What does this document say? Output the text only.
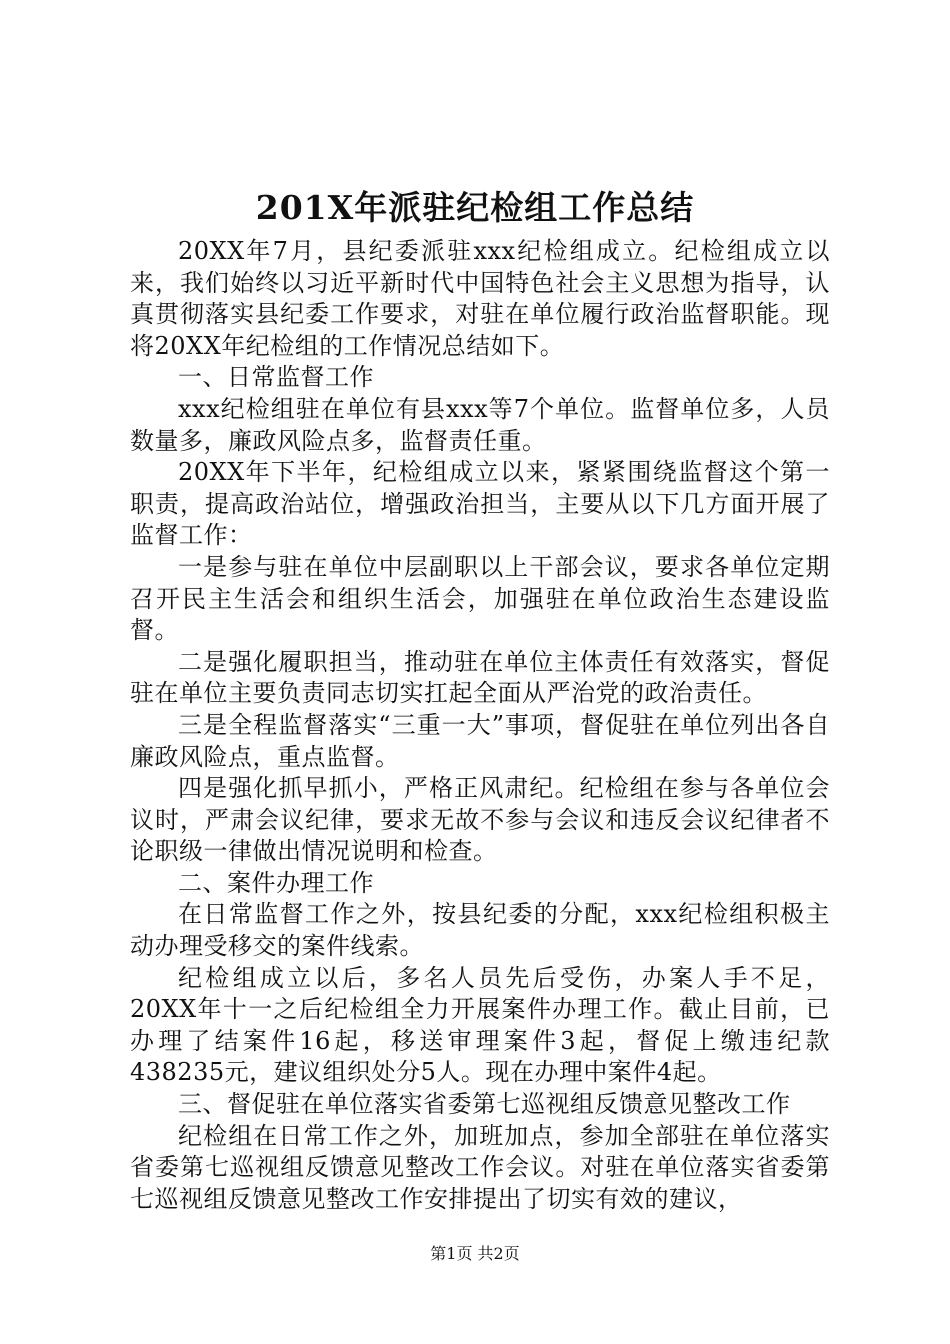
201X年派驻纪检组工作总结

20XX年7月，县纪委派驻xxx纪检组成立。纪检组成立以来，我们始终以习近平新时代中国特色社会主义思想为指导，认真贯彻落实县纪委工作要求，对驻在单位履行政治监督职能。现将20XX年纪检组的工作情况总结如下。

一、日常监督工作

xxx纪检组驻在单位有县xxx等7个单位。监督单位多，人员数量多，廉政风险点多，监督责任重。

20XX年下半年，纪检组成立以来，紧紧围绕监督这个第一职责，提高政治站位，增强政治担当，主要从以下几方面开展了监督工作：

一是参与驻在单位中层副职以上干部会议，要求各单位定期召开民主生活会和组织生活会，加强驻在单位政治生态建设监督。

二是强化履职担当，推动驻在单位主体责任有效落实，督促驻在单位主要负责同志切实扛起全面从严治党的政治责任。

三是全程监督落实“三重一大”事项，督促驻在单位列出各自廉政风险点，重点监督。

四是强化抓早抓小，严格正风肃纪。纪检组在参与各单位会议时，严肃会议纪律，要求无故不参与会议和违反会议纪律者不论职级一律做出情况说明和检查。

二、案件办理工作

在日常监督工作之外，按县纪委的分配，xxx纪检组积极主动办理受移交的案件线索。

纪检组成立以后，多名人员先后受伤，办案人手不足，20XX年十一之后纪检组全力开展案件办理工作。截止目前，已办理了结案件16起，移送审理案件3起，督促上缴违纪款438235元，建议组织处分5人。现在办理中案件4起。

三、督促驻在单位落实省委第七巡视组反馈意见整改工作

纪检组在日常工作之外，加班加点，参加全部驻在单位落实省委第七巡视组反馈意见整改工作会议。对驻在单位落实省委第七巡视组反馈意见整改工作安排提出了切实有效的建议，

第1页 共2页
